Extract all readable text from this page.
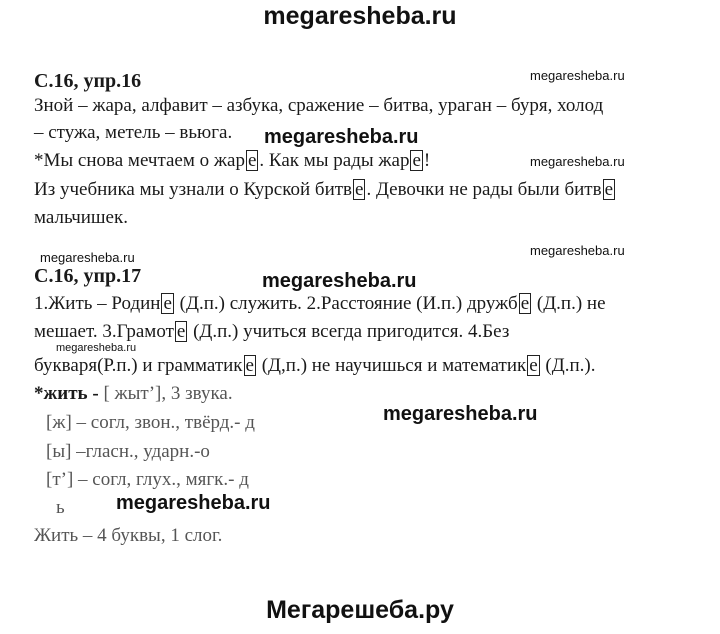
megaresheba.ru
С.16, упр.16	megaresheba.ru
Зной – жара, алфавит – азбука, сражение – битва, ураган – буря, холод
– стужа, метель – вьюга. megaresheba.ru
*Мы снова мечтаем о жар е . Как мы рады жар е !	megaresheba.ru
Из учебника мы узнали о Курской битв е . Девочки не рады были битв е
мальчишек.
megaresheba.ru	megaresheba.ru
С.16, упр.17	megaresheba.ru
1.Жить – Родин е (Д.п.) служить. 2.Расстояние (И.п.) дружб е (Д.п.) не
мешает. 3.Грамот е (Д.п.) учиться всегда пригодится. 4.Без
megaresheba.ru
букваря(Р.п.) и грамматик е (Д,п.) не научишься и математик е (Д.п.).
*жить - [ жыт’], 3 звука.
megaresheba.ru
[ж] – согл, звон., твёрд.- д
[ы] –гласн., ударн.-о
[т’] – согл, глух., мягк.- д
megaresheba.ru
ь
Жить – 4 буквы, 1 слог.
Мегарешеба.ру
